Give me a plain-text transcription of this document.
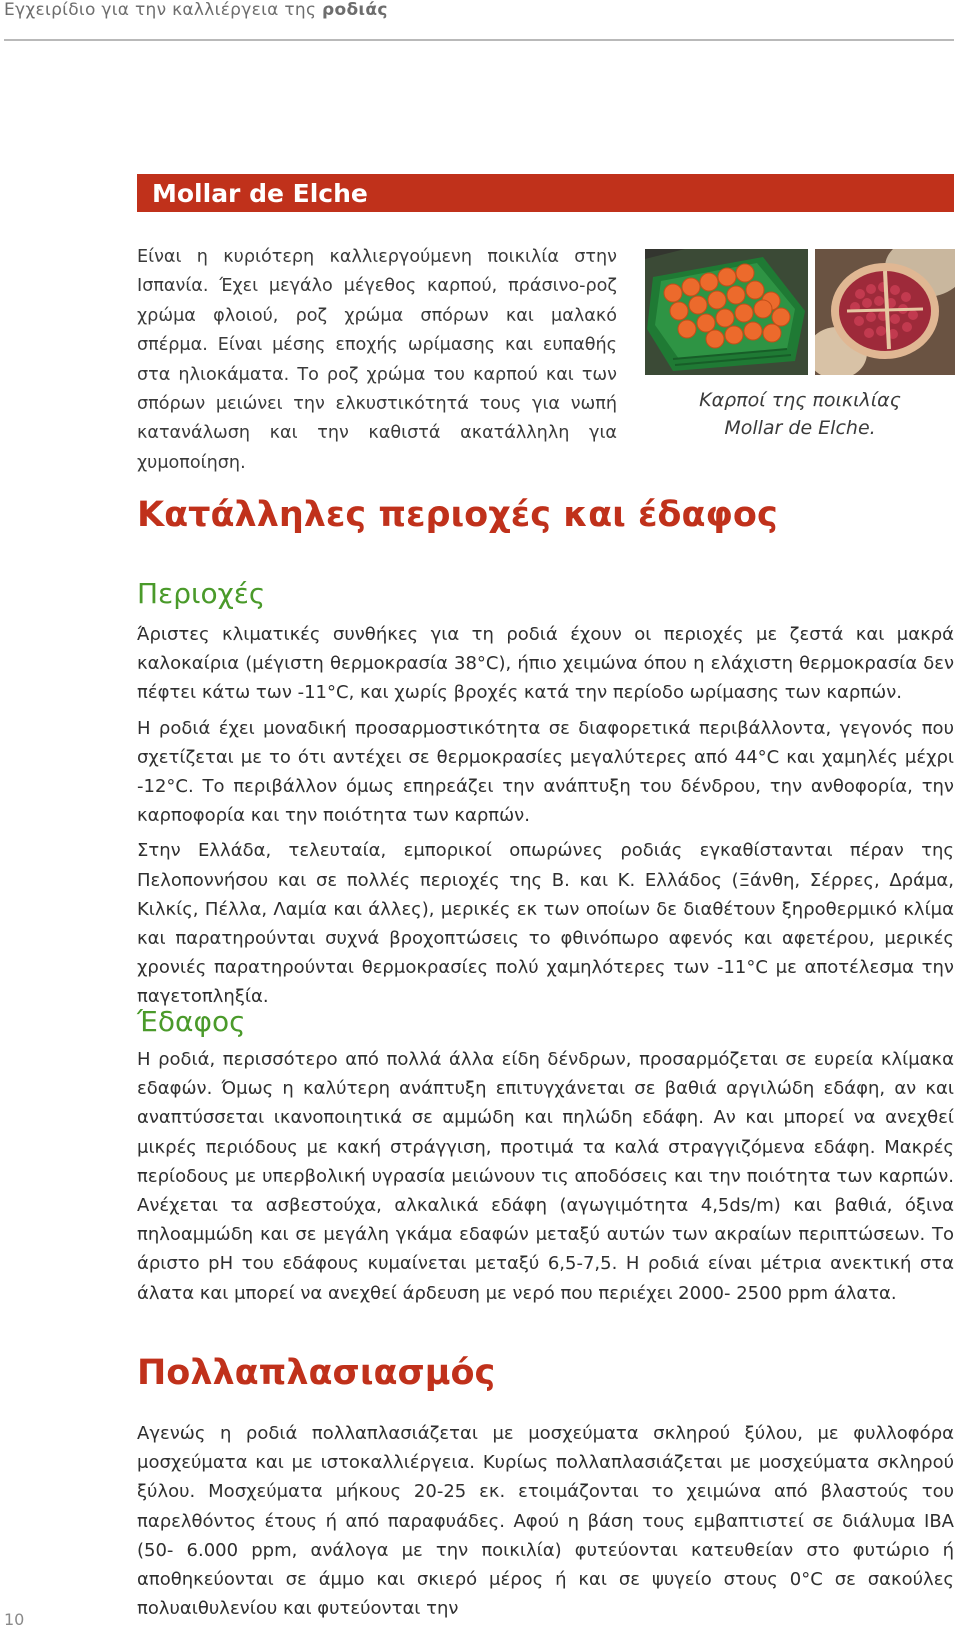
Εγχειρίδιο για την καλλιέργεια της ροδιάς
Mollar de Elche
Είναι η κυριότερη καλλιεργούμενη ποικιλία στην Ισπανία. Έχει μεγάλο μέγεθος καρπού, πράσινο-ροζ χρώμα φλοιού, ροζ χρώμα σπόρων και μαλακό σπέρμα. Είναι μέσης εποχής ωρίμασης και ευπαθής στα ηλιοκάματα. Το ροζ χρώμα του καρπού και των σπόρων μειώνει την ελκυστικότητά τους για νωπή κατανάλωση και την καθιστά ακατάλληλη για χυμοποίηση.
Καρποί της ποικιλίας
Mollar de Elche.
Κατάλληλες περιοχές και έδαφος
Περιοχές

Άριστες κλιματικές συνθήκες για τη ροδιά έχουν οι περιοχές με ζεστά και μακρά καλοκαίρια (μέγιστη θερμοκρασία 38°C), ήπιο χειμώνα όπου η ελάχιστη θερμοκρασία δεν πέφτει κάτω των -11°C, και χωρίς βροχές κατά την περίοδο ωρίμασης των καρπών.

Η ροδιά έχει μοναδική προσαρμοστικότητα σε διαφορετικά περιβάλλοντα, γεγονός που σχετίζεται με το ότι αντέχει σε θερμοκρασίες μεγαλύτερες από 44°C και χαμηλές μέχρι -12°C. Το περιβάλλον όμως επηρεάζει την ανάπτυξη του δένδρου, την ανθοφορία, την καρποφορία και την ποιότητα των καρπών.

Στην Ελλάδα, τελευταία, εμπορικοί οπωρώνες ροδιάς εγκαθίστανται πέραν της Πελοποννήσου και σε πολλές περιοχές της Β. και Κ. Ελλάδος (Ξάνθη, Σέρρες, Δράμα, Κιλκίς, Πέλλα, Λαμία και άλλες), μερικές εκ των οποίων δε διαθέτουν ξηροθερμικό κλίμα και παρατηρούνται συχνά βροχοπτώσεις το φθινόπωρο αφενός και αφετέρου, μερικές χρονιές παρατηρούνται θερμοκρασίες πολύ χαμηλότερες των -11°C με αποτέλεσμα την παγετοπληξία.

Έδαφος

Η ροδιά, περισσότερο από πολλά άλλα είδη δένδρων, προσαρμόζεται σε ευρεία κλίμακα εδαφών. Όμως η καλύτερη ανάπτυξη επιτυγχάνεται σε βαθιά αργιλώδη εδάφη, αν και αναπτύσσεται ικανοποιητικά σε αμμώδη και πηλώδη εδάφη. Αν και μπορεί να ανεχθεί μικρές περιόδους με κακή στράγγιση, προτιμά τα καλά στραγγιζόμενα εδάφη. Μακρές περίοδους με υπερβολική υγρασία μειώνουν τις αποδόσεις και την ποιότητα των καρπών. Ανέχεται τα ασβεστούχα, αλκαλικά εδάφη (αγωγιμότητα 4,5ds/m) και βαθιά, όξινα πηλοαμμώδη και σε μεγάλη γκάμα εδαφών μεταξύ αυτών των ακραίων περιπτώσεων. Το άριστο pH του εδάφους κυμαίνεται μεταξύ 6,5-7,5. Η ροδιά είναι μέτρια ανεκτική στα άλατα και μπορεί να ανεχθεί άρδευση με νερό που περιέχει 2000- 2500 ppm άλατα.

Πολλαπλασιασμός

Αγενώς η ροδιά πολλαπλασιάζεται με μοσχεύματα σκληρού ξύλου, με φυλλοφόρα μοσχεύματα και με ιστοκαλλιέργεια. Κυρίως πολλαπλασιάζεται με μοσχεύματα σκληρού ξύλου. Μοσχεύματα μήκους 20-25 εκ. ετοιμάζονται το χειμώνα από βλαστούς του παρελθόντος έτους ή από παραφυάδες. Αφού η βάση τους εμβαπτιστεί σε διάλυμα IBA (50- 6.000 ppm, ανάλογα με την ποικιλία) φυτεύονται κατευθείαν στο φυτώριο ή αποθηκεύονται σε άμμο και σκιερό μέρος ή και σε ψυγείο στους 0°C σε σακούλες πολυαιθυλενίου και φυτεύονται την

10
